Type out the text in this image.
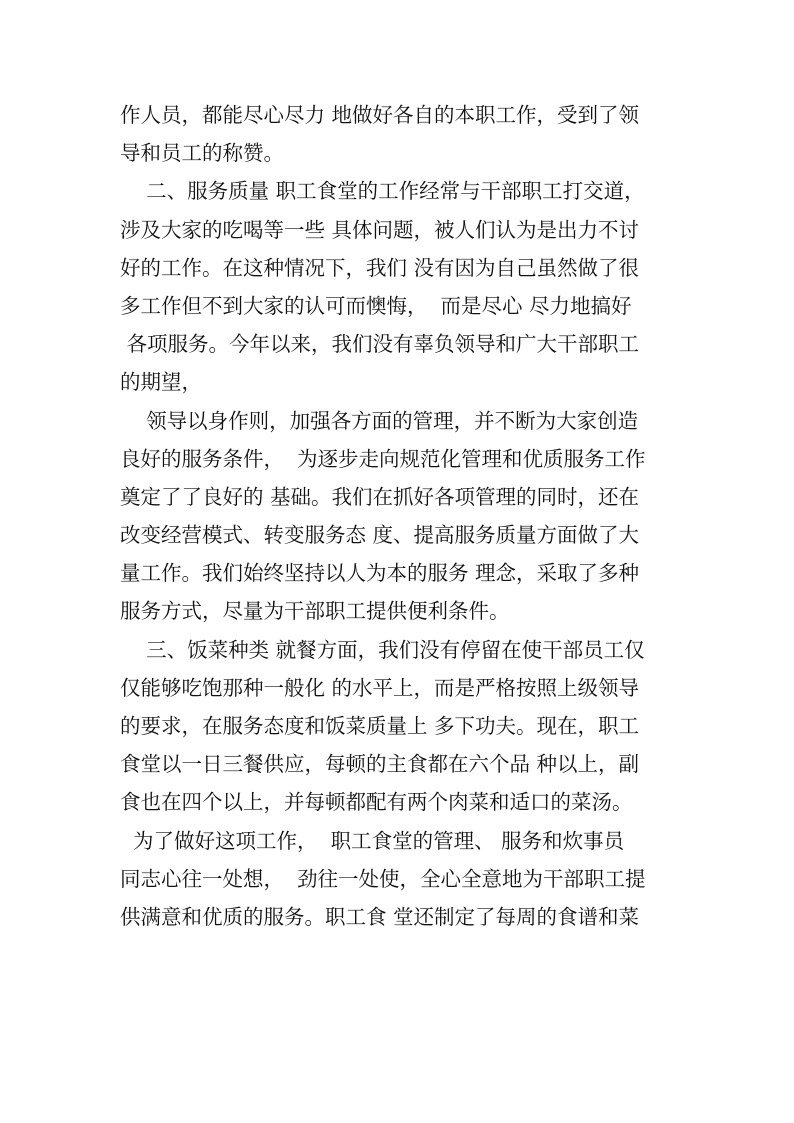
作人员，都能尽心尽力 地做好各自的本职工作，受到了领
导和员工的称赞。
二、服务质量 职工食堂的工作经常与干部职工打交道，
涉及大家的吃喝等一些 具体问题，被人们认为是出力不讨
好的工作。在这种情况下，我们 没有因为自己虽然做了很
多工作但不到大家的认可而懊悔，  而是尽心 尽力地搞好
各项服务。今年以来，我们没有辜负领导和广大干部职工
的期望，
领导以身作则，加强各方面的管理，并不断为大家创造
良好的服务条件，  为逐步走向规范化管理和优质服务工作
奠定了了良好的 基础。我们在抓好各项管理的同时，还在
改变经营模式、转变服务态 度、提高服务质量方面做了大
量工作。我们始终坚持以人为本的服务 理念，采取了多种
服务方式，尽量为干部职工提供便利条件。
三、饭菜种类 就餐方面，我们没有停留在使干部员工仅
仅能够吃饱那种一般化 的水平上，而是严格按照上级领导
的要求，在服务态度和饭菜质量上 多下功夫。现在，职工
食堂以一日三餐供应，每顿的主食都在六个品 种以上，副
食也在四个以上，并每顿都配有两个肉菜和适口的菜汤。
为了做好这项工作，  职工食堂的管理、 服务和炊事员
同志心往一处想，  劲往一处使，全心全意地为干部职工提
供满意和优质的服务。职工食 堂还制定了每周的食谱和菜
